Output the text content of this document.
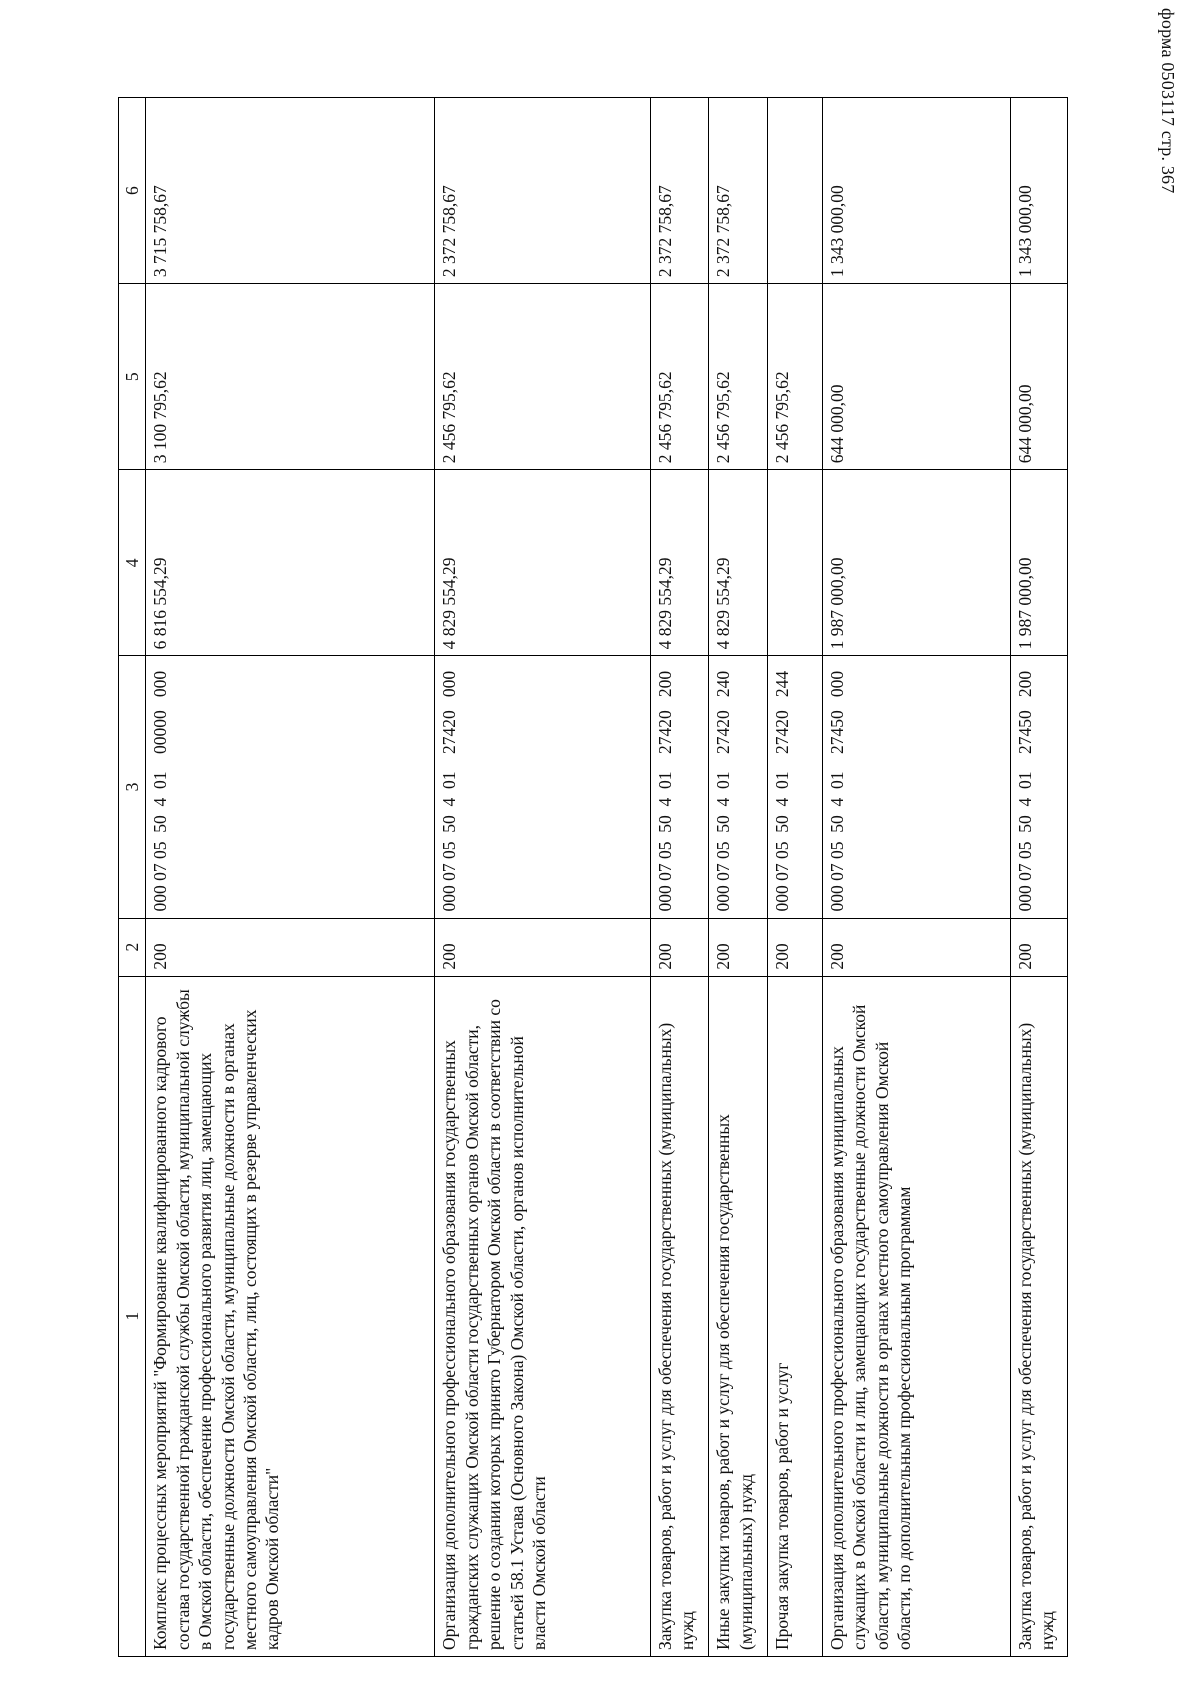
форма 0503117 стр. 367
1	2	3	4	5	6
Комплекс процессных мероприятий "Формирование квалифицированного кадрового состава государственной гражданской службы Омской области, муниципальной службы в Омской области, обеспечение профессионального развития лиц, замещающих государственные должности Омской области, муниципальные должности в органах местного самоуправления Омской области, лиц, состоящих в резерве управленческих кадров Омской области"	200	000 07 05  50  4  01    00000   000	6 816 554,29	3 100 795,62	3 715 758,67
Организация дополнительного профессионального образования государственных гражданских служащих Омской области государственных органов Омской области, решение о создании которых принято Губернатором Омской области в соответствии со статьей 58.1 Устава (Основного Закона) Омской области, органов исполнительной власти Омской области	200	000 07 05  50  4  01    27420   000	4 829 554,29	2 456 795,62	2 372 758,67
Закупка товаров, работ и услуг для обеспечения государственных (муниципальных) нужд	200	000 07 05  50  4  01    27420   200	4 829 554,29	2 456 795,62	2 372 758,67
Иные закупки товаров, работ и услуг для обеспечения государственных (муниципальных) нужд	200	000 07 05  50  4  01    27420   240	4 829 554,29	2 456 795,62	2 372 758,67
Прочая закупка товаров, работ и услуг	200	000 07 05  50  4  01    27420   244		2 456 795,62	
Организация дополнительного профессионального образования муниципальных служащих в Омской области и лиц, замещающих государственные должности Омской области, муниципальные должности в органах местного самоуправления Омской области, по дополнительным профессиональным программам	200	000 07 05  50  4  01    27450   000	1 987 000,00	644 000,00	1 343 000,00
Закупка товаров, работ и услуг для обеспечения государственных (муниципальных) нужд	200	000 07 05  50  4  01    27450   200	1 987 000,00	644 000,00	1 343 000,00
